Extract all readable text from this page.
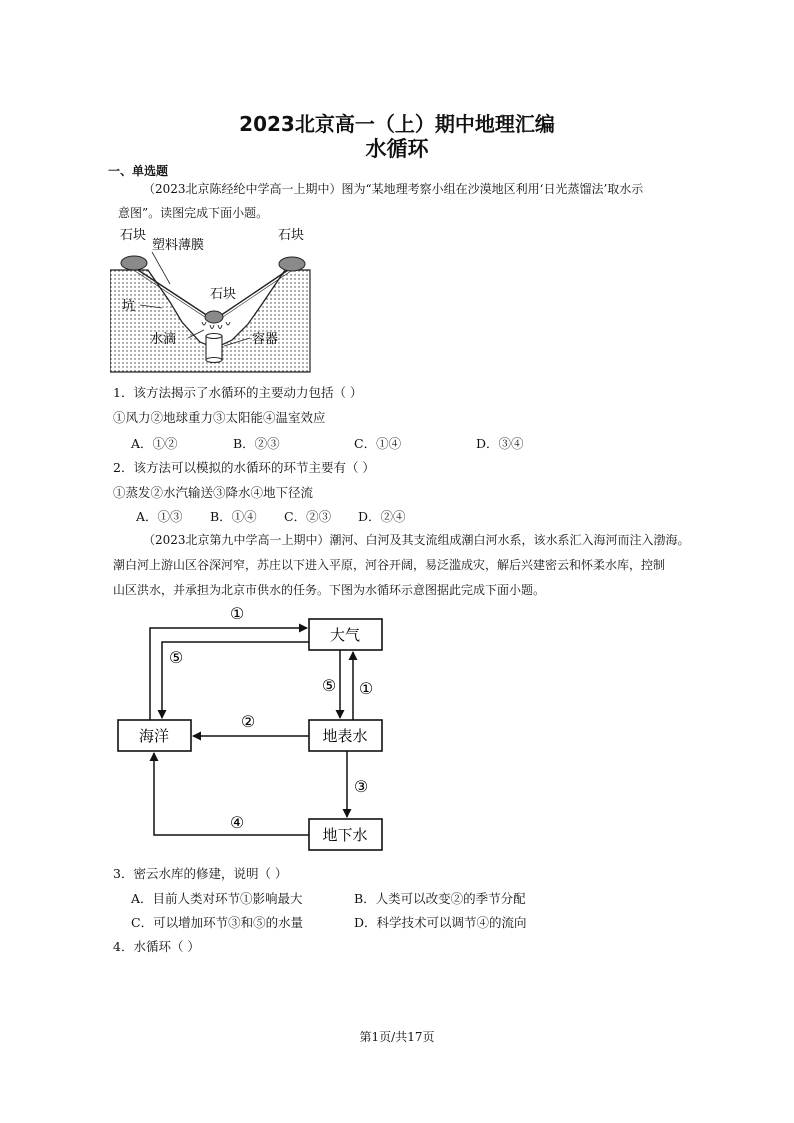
2023北京高一（上）期中地理汇编
水循环
一、单选题
（2023北京陈经纶中学高一上期中）图为“某地理考察小组在沙漠地区利用‘日光蒸馏法’取水示
意图”。读图完成下面小题。
石块	石块
塑料薄膜
石块
坑
水滴	容器
1．该方法揭示了水循环的主要动力包括（ ）
①风力②地球重力③太阳能④温室效应
A．①②	B．②③	C．①④	D．③④
2．该方法可以模拟的水循环的环节主要有（ ）
①蒸发②水汽输送③降水④地下径流
A．①③ B．①④ C．②③ D．②④
（2023北京第九中学高一上期中）潮河、白河及其支流组成潮白河水系，该水系汇入海河而注入渤海。
潮白河上游山区谷深河窄，苏庄以下进入平原，河谷开阔，易泛滥成灾，解后兴建密云和怀柔水库，控制
山区洪水，并承担为北京市供水的任务。下图为水循环示意图据此完成下面小题。
大气
海洋	地表水
地下水
①
⑤
⑤ ①
②
③
④
3．密云水库的修建，说明（ ）
A．目前人类对环节①影响最大	B．人类可以改变②的季节分配
C．可以增加环节③和⑤的水量	D．科学技术可以调节④的流向
4．水循环（ ）
第1页/共17页
